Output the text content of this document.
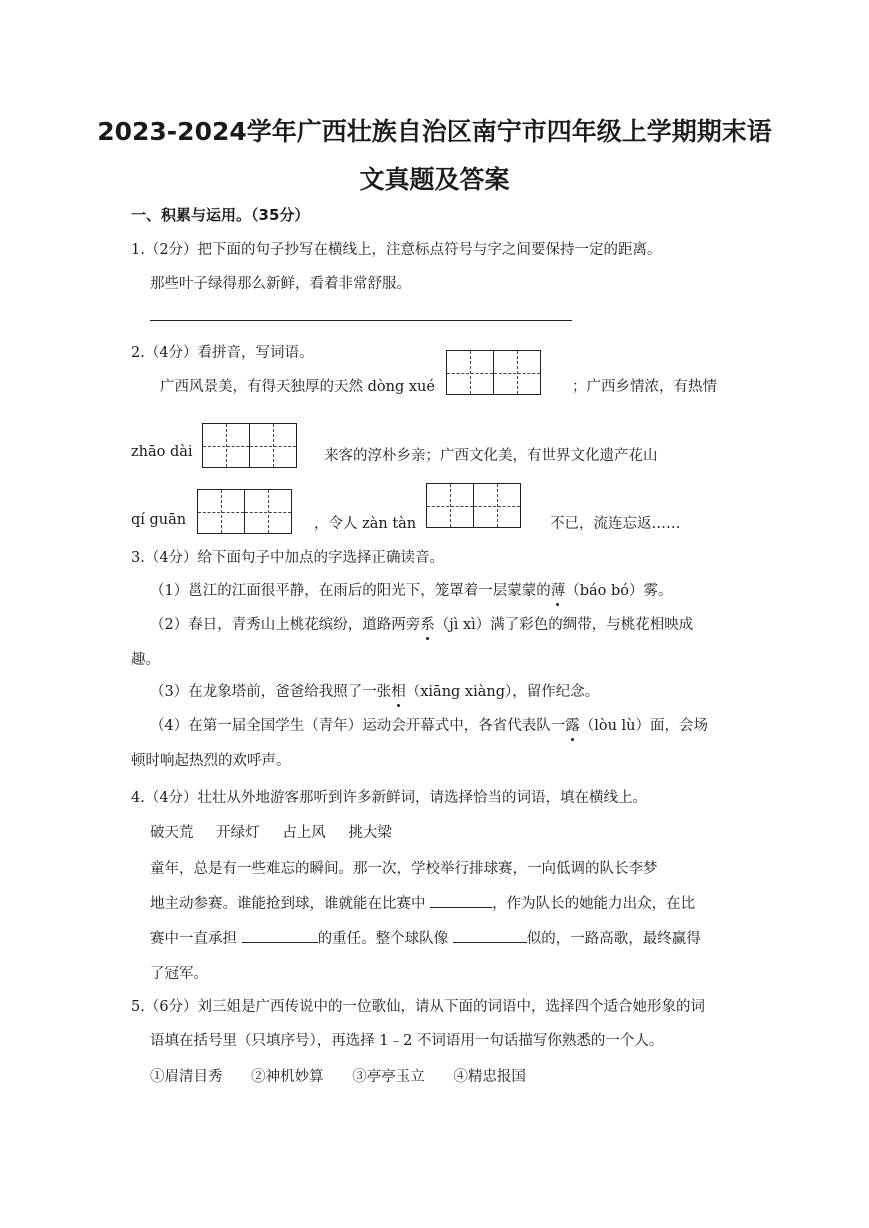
2023-2024学年广西壮族自治区南宁市四年级上学期期末语
文真题及答案
一、积累与运用。（35分）
1.（2分）把下面的句子抄写在横线上，注意标点符号与字之间要保持一定的距离。
那些叶子绿得那么新鲜，看着非常舒服。
2.（4分）看拼音，写词语。
广西风景美，有得天独厚的天然 dòng xué	；广西乡情浓，有热情
zhāo dài	来客的淳朴乡亲；广西文化美，有世界文化遗产花山
qí guān	，令人 zàn tàn	不已，流连忘返……
3.（4分）给下面句子中加点的字选择正确读音。
（1）邕江的江面很平静，在雨后的阳光下，笼罩着一层蒙蒙的薄（báo bó）雾。
（2）春日，青秀山上桃花缤纷，道路两旁系（jì xì）满了彩色的绸带，与桃花相映成
趣。
（3）在龙象塔前，爸爸给我照了一张相（xiāng xiàng），留作纪念。
（4）在第一届全国学生（青年）运动会开幕式中，各省代表队一露（lòu lù）面，会场
顿时响起热烈的欢呼声。
4.（4分）壮壮从外地游客那听到许多新鲜词，请选择恰当的词语，填在横线上。
破天荒 开绿灯 占上风 挑大梁
童年，总是有一些难忘的瞬间。那一次，学校举行排球赛，一向低调的队长李梦
地主动参赛。谁能抢到球，谁就能在比赛中	，作为队长的她能力出众，在比
赛中一直承担	的重任。整个球队像	似的，一路高歌，最终赢得
了冠军。
5.（6分）刘三姐是广西传说中的一位歌仙，请从下面的词语中，选择四个适合她形象的词
语填在括号里（只填序号），再选择 1﹣2 不词语用一句话描写你熟悉的一个人。
①眉清目秀 ②神机妙算 ③亭亭玉立 ④精忠报国
